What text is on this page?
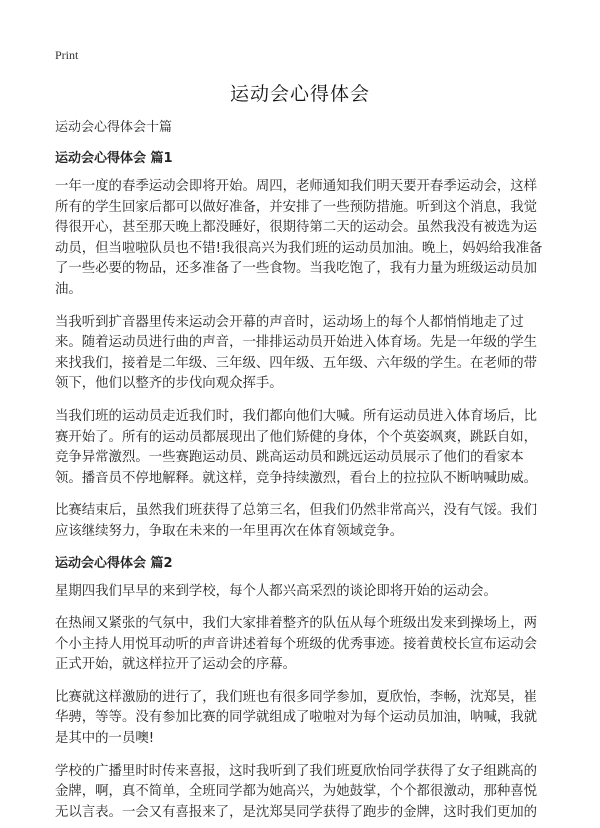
Print
运动会心得体会
运动会心得体会十篇
运动会心得体会 篇1

一年一度的春季运动会即将开始。周四，老师通知我们明天要开春季运动会，这样所有的学生回家后都可以做好准备，并安排了一些预防措施。听到这个消息，我觉得很开心，甚至那天晚上都没睡好，很期待第二天的运动会。虽然我没有被选为运动员，但当啦啦队员也不错!我很高兴为我们班的运动员加油。晚上，妈妈给我准备了一些必要的物品，还多准备了一些食物。当我吃饱了，我有力量为班级运动员加油。

当我听到扩音器里传来运动会开幕的声音时，运动场上的每个人都悄悄地走了过来。随着运动员进行曲的声音，一排排运动员开始进入体育场。先是一年级的学生来找我们，接着是二年级、三年级、四年级、五年级、六年级的学生。在老师的带领下，他们以整齐的步伐向观众挥手。

当我们班的运动员走近我们时，我们都向他们大喊。所有运动员进入体育场后，比赛开始了。所有的运动员都展现出了他们矫健的身体，个个英姿飒爽，跳跃自如，竞争异常激烈。一些赛跑运动员、跳高运动员和跳远运动员展示了他们的看家本领。播音员不停地解释。就这样，竞争持续激烈，看台上的拉拉队不断呐喊助威。

比赛结束后，虽然我们班获得了总第三名，但我们仍然非常高兴，没有气馁。我们应该继续努力，争取在未来的一年里再次在体育领域竞争。

运动会心得体会 篇2

星期四我们早早的来到学校，每个人都兴高采烈的谈论即将开始的运动会。

在热闹又紧张的气氛中，我们大家排着整齐的队伍从每个班级出发来到操场上，两个小主持人用悦耳动听的声音讲述着每个班级的优秀事迹。接着黄校长宣布运动会正式开始，就这样拉开了运动会的序幕。

比赛就这样激励的进行了，我们班也有很多同学参加，夏欣怡，李畅，沈郑昊，崔华骋，等等。没有参加比赛的同学就组成了啦啦对为每个运动员加油，呐喊，我就是其中的一员噢!

学校的广播里时时传来喜报，这时我听到了我们班夏欣怡同学获得了女子组跳高的金牌，啊，真不简单，全班同学都为她高兴，为她鼓掌，个个都很激动，那种喜悦无以言表。一会又有喜报来了，是沈郑昊同学获得了跑步的金牌，这时我们更加的
